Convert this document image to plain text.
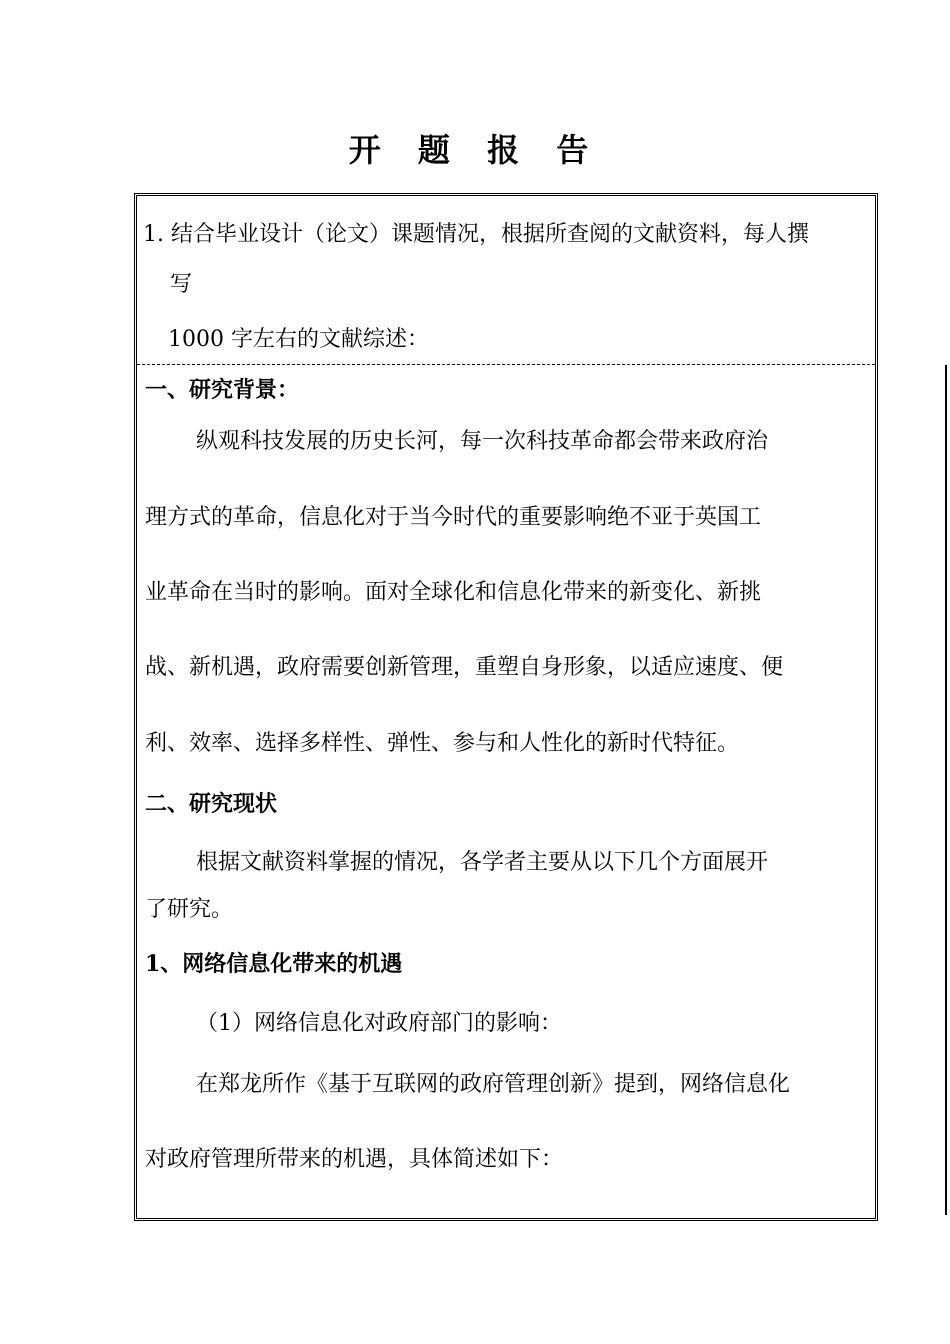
开 题 报 告
1. 结合毕业设计（论文）课题情况，根据所查阅的文献资料，每人撰
写
1000 字左右的文献综述：
一、研究背景：
纵观科技发展的历史长河，每一次科技革命都会带来政府治
理方式的革命，信息化对于当今时代的重要影响绝不亚于英国工
业革命在当时的影响。面对全球化和信息化带来的新变化、新挑
战、新机遇，政府需要创新管理，重塑自身形象，以适应速度、便
利、效率、选择多样性、弹性、参与和人性化的新时代特征。
二、研究现状
根据文献资料掌握的情况，各学者主要从以下几个方面展开
了研究。
1、网络信息化带来的机遇
（1）网络信息化对政府部门的影响：
在郑龙所作《基于互联网的政府管理创新》提到，网络信息化
对政府管理所带来的机遇，具体简述如下：
